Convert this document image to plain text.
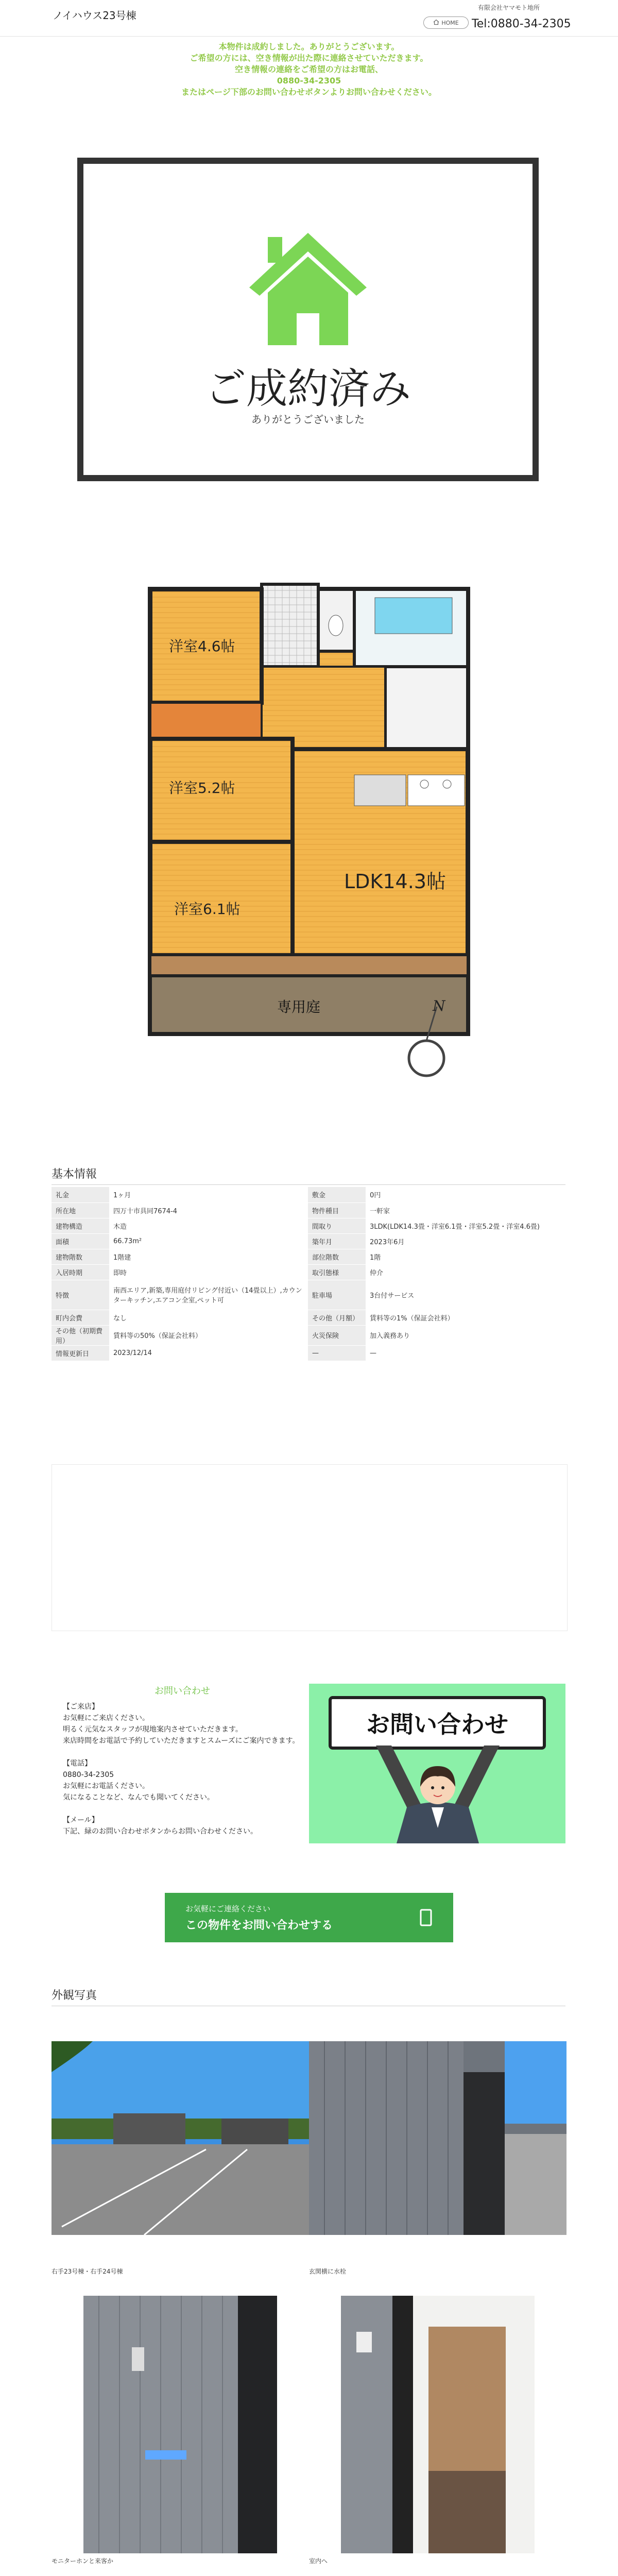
ノイハウス23号棟
有限会社ヤマモト地所
HOME Tel:0880-34-2305
本物件は成約しました。ありがとうございます。
ご希望の方には、空き情報が出た際に連絡させていただきます。
空き情報の連絡をご希望の方はお電話、
0880-34-2305
またはページ下部のお問い合わせボタンよりお問い合わせください。
ご成約済み
ありがとうございました
洋室4.6帖
洋室5.2帖
洋室6.1帖
LDK14.3帖
専用庭	N
基本情報
礼金	1ヶ月	敷金	0円
所在地	四万十市具同7674-4	物件種目	一軒家
建物構造	木造	間取り	3LDK(LDK14.3畳・洋室6.1畳・洋室5.2畳・洋室4.6畳)
面積	66.73m²	築年月	2023年6月
建物階数	1階建	部位階数	1階
入居時期	即時	取引態様	仲介
特徴	南西エリア,新築,専用庭付リビング付近い（14畳以上）,カウンターキッチン,エアコン全室,ペット可	駐車場	3台付サービス
町内会費	なし	その他（月額）	賃料等の1%（保証会社料）
その他（初期費用）	賃料等の50%（保証会社料）	火災保険	加入義務あり
情報更新日	2023/12/14	—	—
お問い合わせ
【ご来店】
お気軽にご来店ください。
明るく元気なスタッフが現地案内させていただきます。
来店時間をお電話で予約していただきますとスムーズにご案内できます。
【電話】
0880-34-2305
お気軽にお電話ください。
気になることなど、なんでも聞いてください。
【メール】
下記、緑のお問い合わせボタンからお問い合わせください。
お問い合わせ
お気軽にご連絡ください
この物件をお問い合わせする
外観写真
右手23号棟・右手24号棟	玄関横に水栓
モニターホンと来客か	室内へ
